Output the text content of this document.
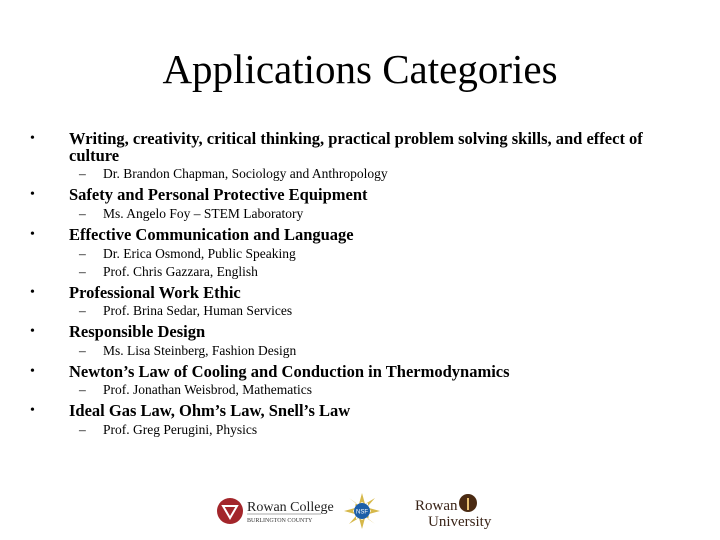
Applications Categories
• Writing, creativity, critical thinking, practical problem solving skills, and effect of culture
– Dr. Brandon Chapman, Sociology and Anthropology
• Safety and Personal Protective Equipment
– Ms. Angelo Foy – STEM Laboratory
• Effective Communication and Language
– Dr. Erica Osmond, Public Speaking
– Prof. Chris Gazzara, English
• Professional Work Ethic
– Prof. Brina Sedar, Human Services
• Responsible Design
– Ms. Lisa Steinberg, Fashion Design
• Newton’s Law of Cooling and Conduction in Thermodynamics
– Prof. Jonathan Weisbrod, Mathematics
• Ideal Gas Law, Ohm’s Law, Snell’s Law
– Prof. Greg Perugini, Physics
Rowan College
BURLINGTON COUNTY
NSF	Rowan
University
